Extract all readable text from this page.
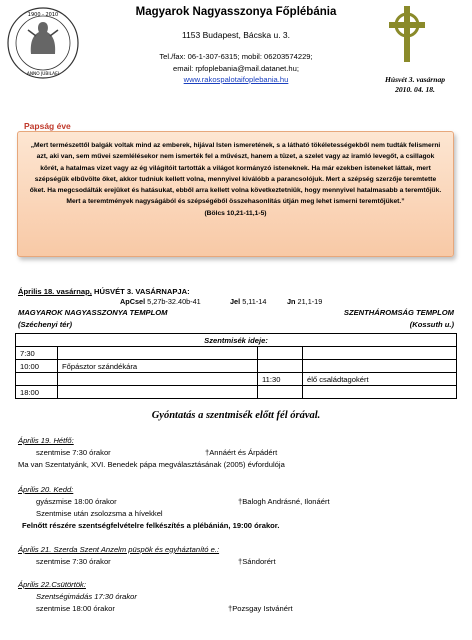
1900 - 2010
ANNO JUBILAEI
Magyarok Nagyasszonya Főplébánia
1153 Budapest, Bácska u. 3.
Tel./fax: 06-1-307-6315; mobil: 06203574229;
email: rpfoplebania@mail.datanet.hu;
www.rakospalotaifoplebania.hu	Húsvét 3. vasárnap
2010. 04. 18.
Papság éve

„Mert természettől balgák voltak mind az emberek, hijával Isten ismeretének, s a látható tökéletességekből nem tudták felismerni azt, aki van, sem művei szemlélésekor nem ismerték fel a művészt, hanem a tüzet, a szelet vagy az iramló levegőt, a csillagok körét, a hatalmas vizet vagy az ég világítóit tartották a világot kormányzó isteneknek. Ha már ezekben isteneket láttak, mert szépségük elbűvölte őket, akkor tudniuk kellett volna, mennyivel kiválóbb a parancsolójuk. Mert a szépség szerzője teremtette őket. Ha megcsodálták erejüket és hatásukat, ebből arra kellett volna következtetniük, hogy mennyivel hatalmasabb a teremtőjük. Mert a teremtmények nagyságából és szépségéből összehasonlítás útján meg lehet ismerni teremtőjüket.”

(Bölcs 10,21-11,1-5)
Április 18. vasárnap, HÚSVÉT 3. VASÁRNAPJA:
ApCsel 5,27b-32.40b-41	Jel 5,11-14	Jn 21,1-19
MAGYAROK NAGYASSZONYA TEMPLOM
(Széchenyi tér)
SZENTHÁROMSÁG TEMPLOM
(Kossuth u.)
Szentmisék ideje:			
7:30			
10:00	Főpásztor szándékára		
		11:30	élő családtagokért
18:00			
Gyóntatás a szentmisék előtt fél órával.
Április 19. Hétfő:
szentmise 7:30 órakor	†Annáért és Árpádért
Ma van Szentatyánk, XVI. Benedek pápa megválasztásának (2005) évfordulója
Április 20. Kedd:
gyászmise 18:00 órakor	†Balogh Andrásné, Ilonáért
Szentmise után zsolozsma a hívekkel
Felnőtt részére szentségfelvételre felkészítés a plébánián, 19:00 órakor.
Április 21. Szerda Szent Anzelm püspök és egyháztanító e.:
szentmise 7:30 órakor	†Sándorért
Április 22.Csütörtök:
Szentségimádás 17:30 órakor
szentmise 18:00 órakor	†Pozsgay Istvánért
